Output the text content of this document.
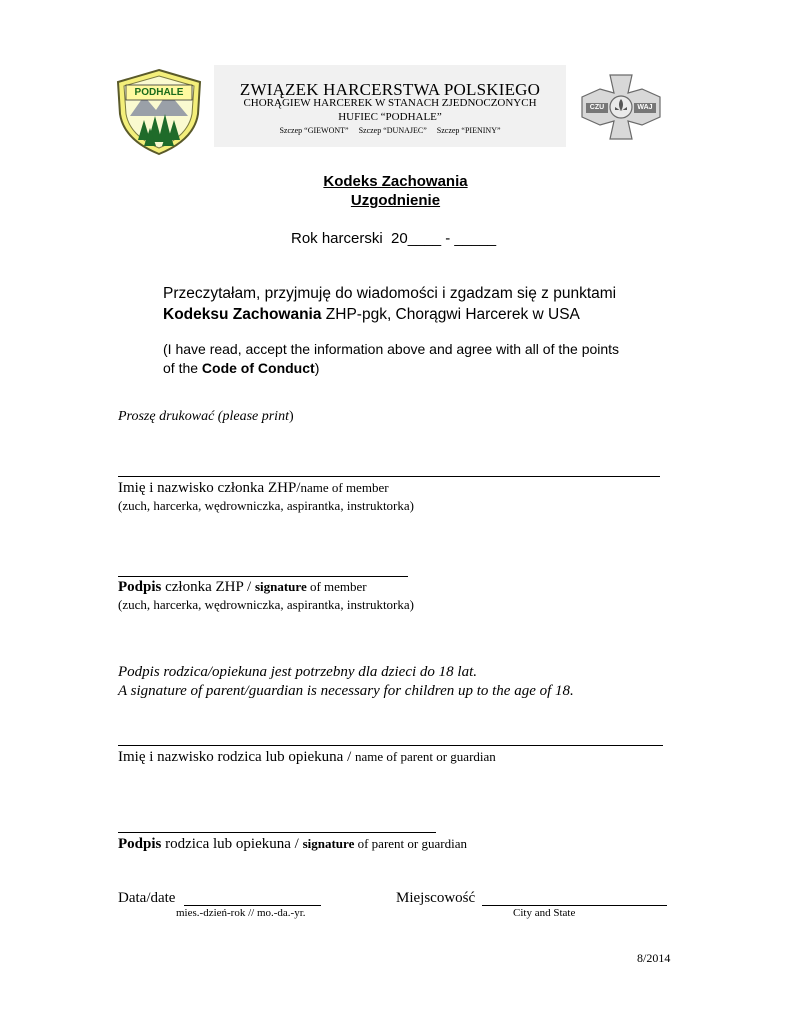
PODHALE	ZWIĄZEK HARCERSTWA POLSKIEGO
CHORĄGIEW HARCEREK W STANACH ZJEDNOCZONYCH
HUFIEC “PODHALE”
Szczep “GIEWONT” Szczep “DUNAJEC” Szczep “PIENINY”
CZU	WAJ
Kodeks Zachowania
Uzgodnienie
Rok harcerski  20____ - _____
Przeczytałam, przyjmuję do wiadomości i zgadzam się z punktami
Kodeksu Zachowania ZHP-pgk, Chorągwi Harcerek w USA
(I have read, accept the information above and agree with all of the points of the Code of Conduct)
Proszę drukować (please print)
Imię i nazwisko członka ZHP/name of member
(zuch, harcerka, wędrowniczka, aspirantka, instruktorka)
Podpis członka ZHP / signature of member
(zuch, harcerka, wędrowniczka, aspirantka, instruktorka)
Podpis rodzica/opiekuna jest potrzebny dla dzieci do 18 lat.
A signature of parent/guardian is necessary for children up to the age of 18.
Imię i nazwisko rodzica lub opiekuna / name of parent or guardian
Podpis rodzica lub opiekuna / signature of parent or guardian
Data/date
mies.-dzień-rok // mo.-da.-yr.
Miejscowość
City and State
8/2014
